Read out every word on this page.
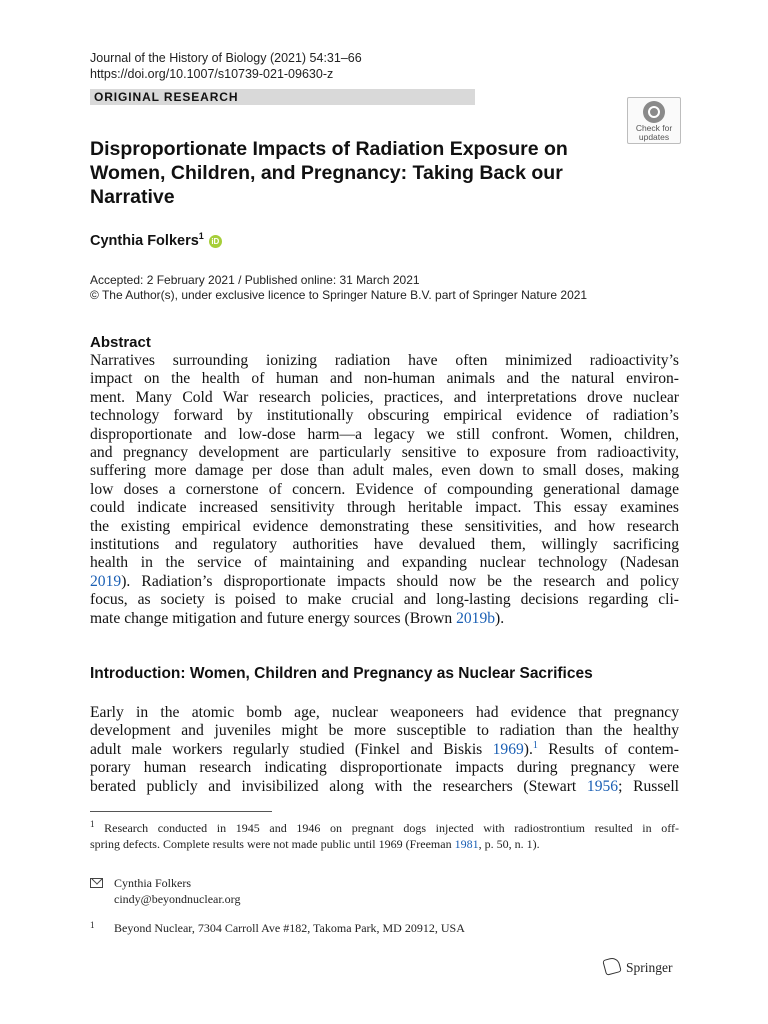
Journal of the History of Biology (2021) 54:31–66
https://doi.org/10.1007/s10739-021-09630-z
ORIGINAL RESEARCH
Check for
updates
Disproportionate Impacts of Radiation Exposure on Women, Children, and Pregnancy: Taking Back our Narrative
Cynthia Folkers$^1$ iD
Accepted: 2 February 2021 / Published online: 31 March 2021
© The Author(s), under exclusive licence to Springer Nature B.V. part of Springer Nature 2021
Abstract
Narratives surrounding ionizing radiation have often minimized radioactivity’s
impact on the health of human and non-human animals and the natural environ-
ment. Many Cold War research policies, practices, and interpretations drove nuclear
technology forward by institutionally obscuring empirical evidence of radiation’s
disproportionate and low-dose harm—a legacy we still confront. Women, children,
and pregnancy development are particularly sensitive to exposure from radioactivity,
suffering more damage per dose than adult males, even down to small doses, making
low doses a cornerstone of concern. Evidence of compounding generational damage
could indicate increased sensitivity through heritable impact. This essay examines
the existing empirical evidence demonstrating these sensitivities, and how research
institutions and regulatory authorities have devalued them, willingly sacrificing
health in the service of maintaining and expanding nuclear technology (Nadesan
2019). Radiation’s disproportionate impacts should now be the research and policy
focus, as society is poised to make crucial and long-lasting decisions regarding cli-
mate change mitigation and future energy sources (Brown 2019b).
Introduction: Women, Children and Pregnancy as Nuclear Sacrifices
Early in the atomic bomb age, nuclear weaponeers had evidence that pregnancy
development and juveniles might be more susceptible to radiation than the healthy
adult male workers regularly studied (Finkel and Biskis 1969).$^1$ Results of contem-
porary human research indicating disproportionate impacts during pregnancy were
berated publicly and invisibilized along with the researchers (Stewart 1956; Russell
$^1$ Research conducted in 1945 and 1946 on pregnant dogs injected with radiostrontium resulted in off-
spring defects. Complete results were not made public until 1969 (Freeman 1981, p. 50, n. 1).
Cynthia Folkers
cindy@beyondnuclear.org
1 Beyond Nuclear, 7304 Carroll Ave #182, Takoma Park, MD 20912, USA
Springer
